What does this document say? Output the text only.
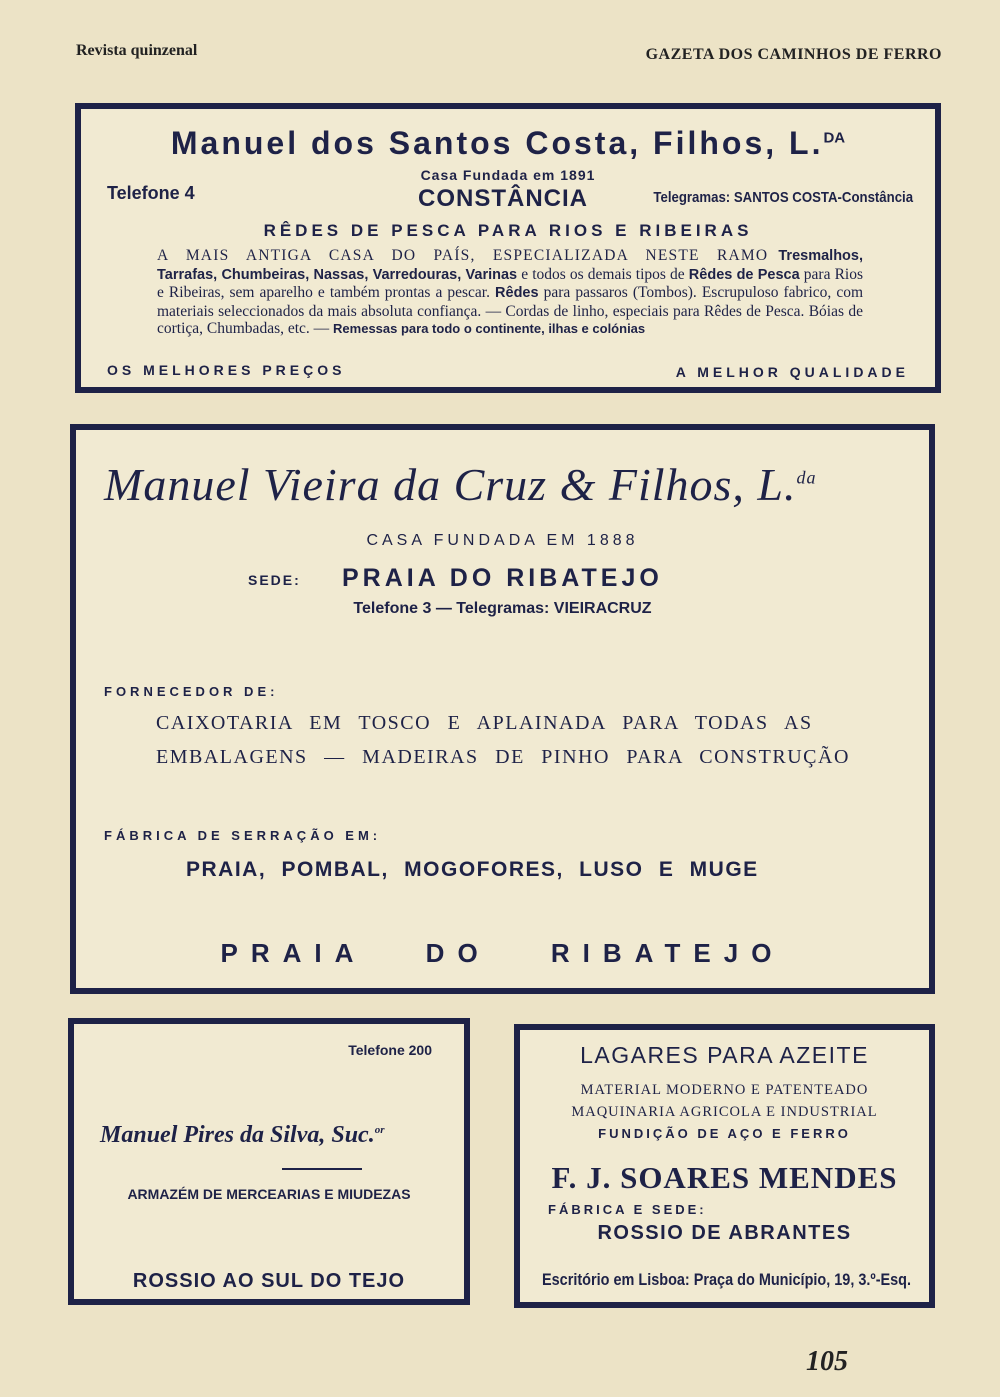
Revista quinzenal	GAZETA DOS CAMINHOS DE FERRO
Manuel dos Santos Costa, Filhos, L.$^{DA}$
Casa Fundada em 1891
Telefone 4	CONSTÂNCIA	Telegramas: SANTOS COSTA-Constância
RÊDES DE PESCA PARA RIOS E RIBEIRAS
A MAIS ANTIGA CASA DO PAÍS, ESPECIALIZADA NESTE RAMO Tresmalhos, Tarrafas, Chumbeiras, Nassas, Varredouras, Varinas e todos os demais tipos de Rêdes de Pesca para Rios e Ribeiras, sem aparelho e também prontas a pescar. Rêdes para passaros (Tombos). Escrupuloso fabrico, com materiais seleccionados da mais absoluta confiança. — Cordas de linho, especiais para Rêdes de Pesca. Bóias de cortiça, Chumbadas, etc. — Remessas para todo o continente, ilhas e colónias
OS MELHORES PREÇOS	A MELHOR QUALIDADE
Manuel Vieira da Cruz & Filhos, L.$^{da}$
CASA FUNDADA EM 1888
SEDE: PRAIA DO RIBATEJO
Telefone 3 — Telegramas: VIEIRACRUZ
FORNECEDOR DE:
CAIXOTARIA EM TOSCO E APLAINADA PARA TODAS AS
EMBALAGENS — MADEIRAS DE PINHO PARA CONSTRUÇÃO
FÁBRICA DE SERRAÇÃO EM:
PRAIA, POMBAL, MOGOFORES, LUSO E MUGE
PRAIA DO RIBATEJO
Telefone 200
Manuel Pires da Silva, Suc.$^{or}$
ARMAZÉM DE MERCEARIAS E MIUDEZAS
ROSSIO AO SUL DO TEJO
LAGARES PARA AZEITE
MATERIAL MODERNO E PATENTEADO
MAQUINARIA AGRICOLA E INDUSTRIAL
FUNDIÇÃO DE AÇO E FERRO
F. J. SOARES MENDES
FÁBRICA E SEDE:
ROSSIO DE ABRANTES
Escritório em Lisboa: Praça do Município, 19, 3.º-Esq.
105
